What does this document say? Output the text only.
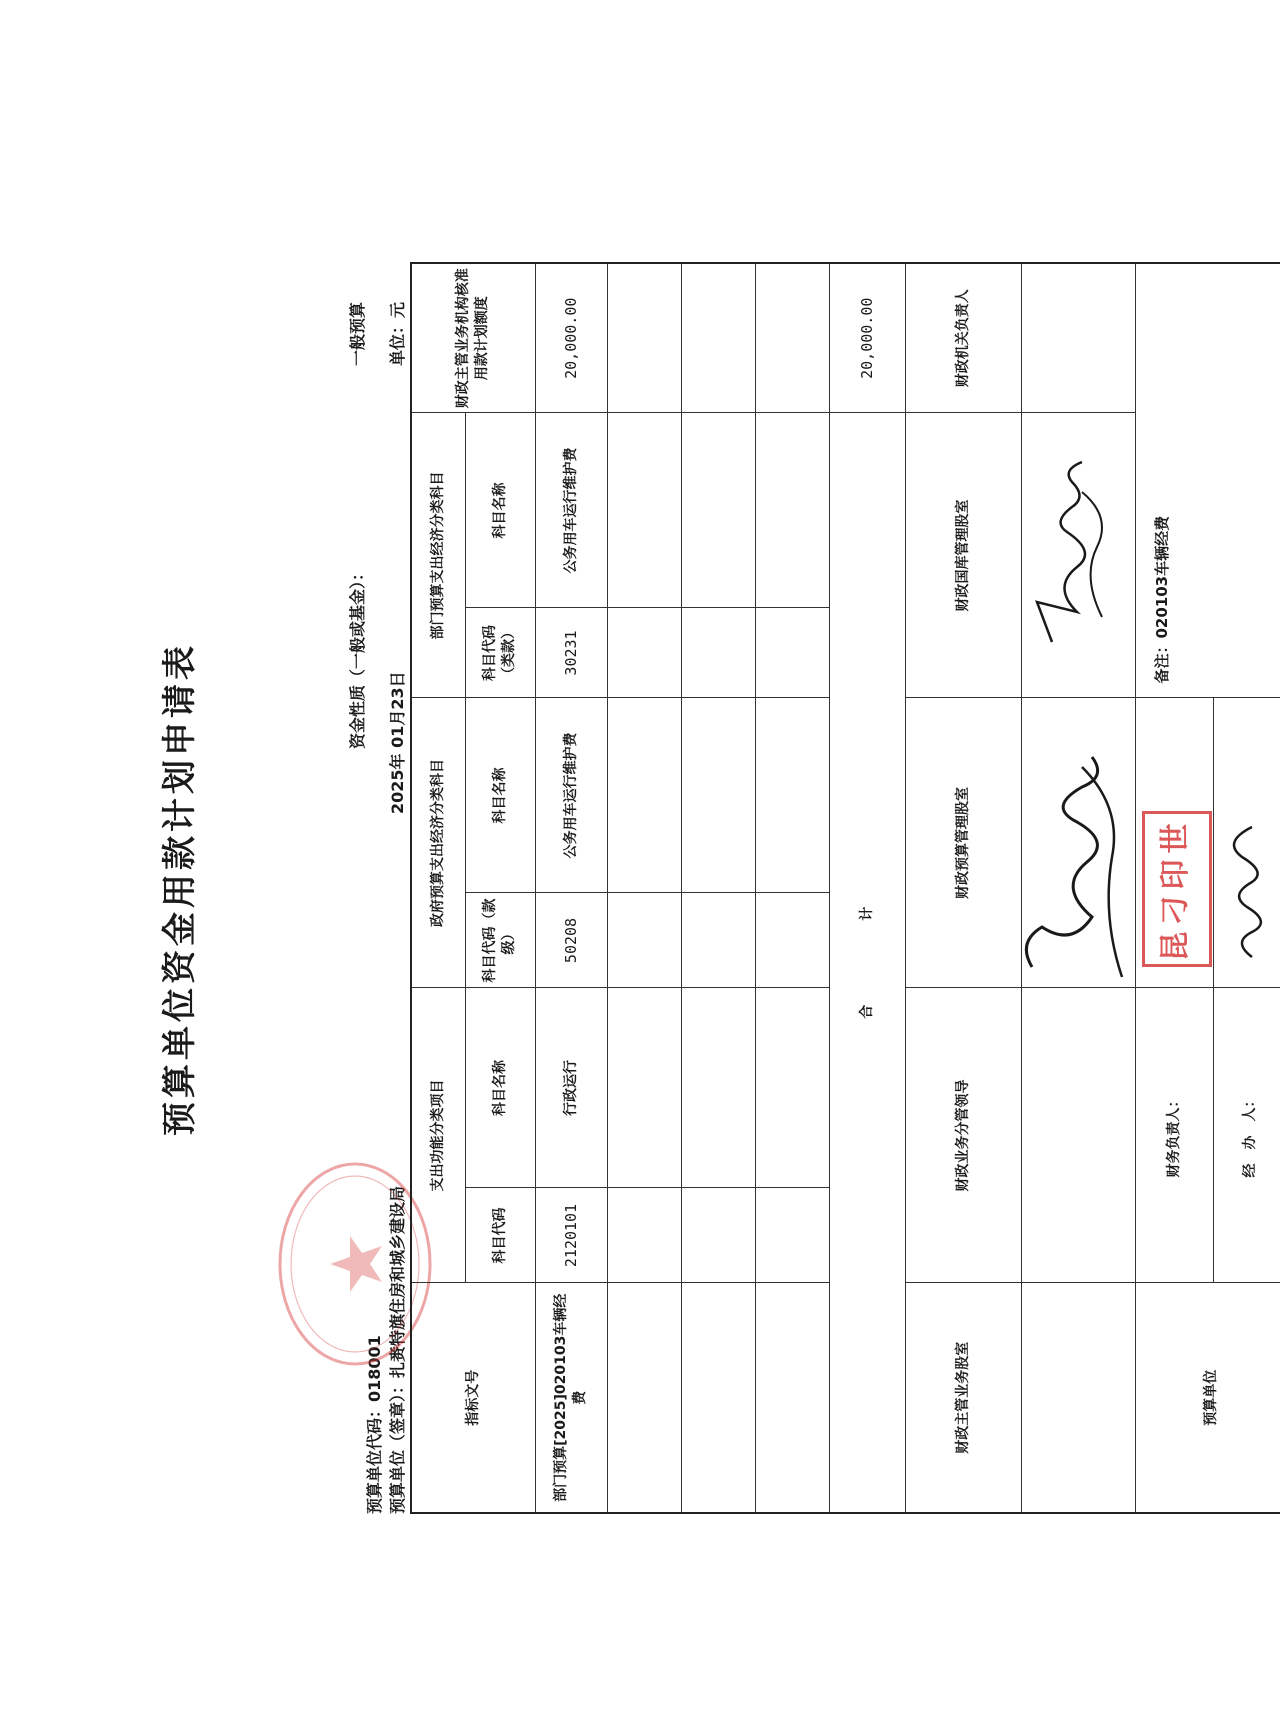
预算单位资金用款计划申请表
预算单位代码：018001 预算单位（签章）：扎赉特旗住房和城乡建设局
2025年 01月23日
资金性质（一般或基金）：
一般预算 单位：元
指标文号	支出功能分类项目		政府预算支出经济分类科目		部门预算支出经济分类科目		财政主管业务机构核准用款计划额度
	科目代码	科目名称	科目代码（款级）	科目名称	科目代码（类款）	科目名称	
部门预算[2025]020103车辆经费	2120101	行政运行	50208	公务用车运行维护费	30231	公务用车运行维护费	20,000.00

合　　　　　　计							20,000.00
财政主管业务股室	财政业务分管领导		财政预算管理股室		财政国库管理股室		财政机关负责人

预算单位	财务负责人：		昆刁印世		备注：020103车辆经费		

	经　办　人：	
